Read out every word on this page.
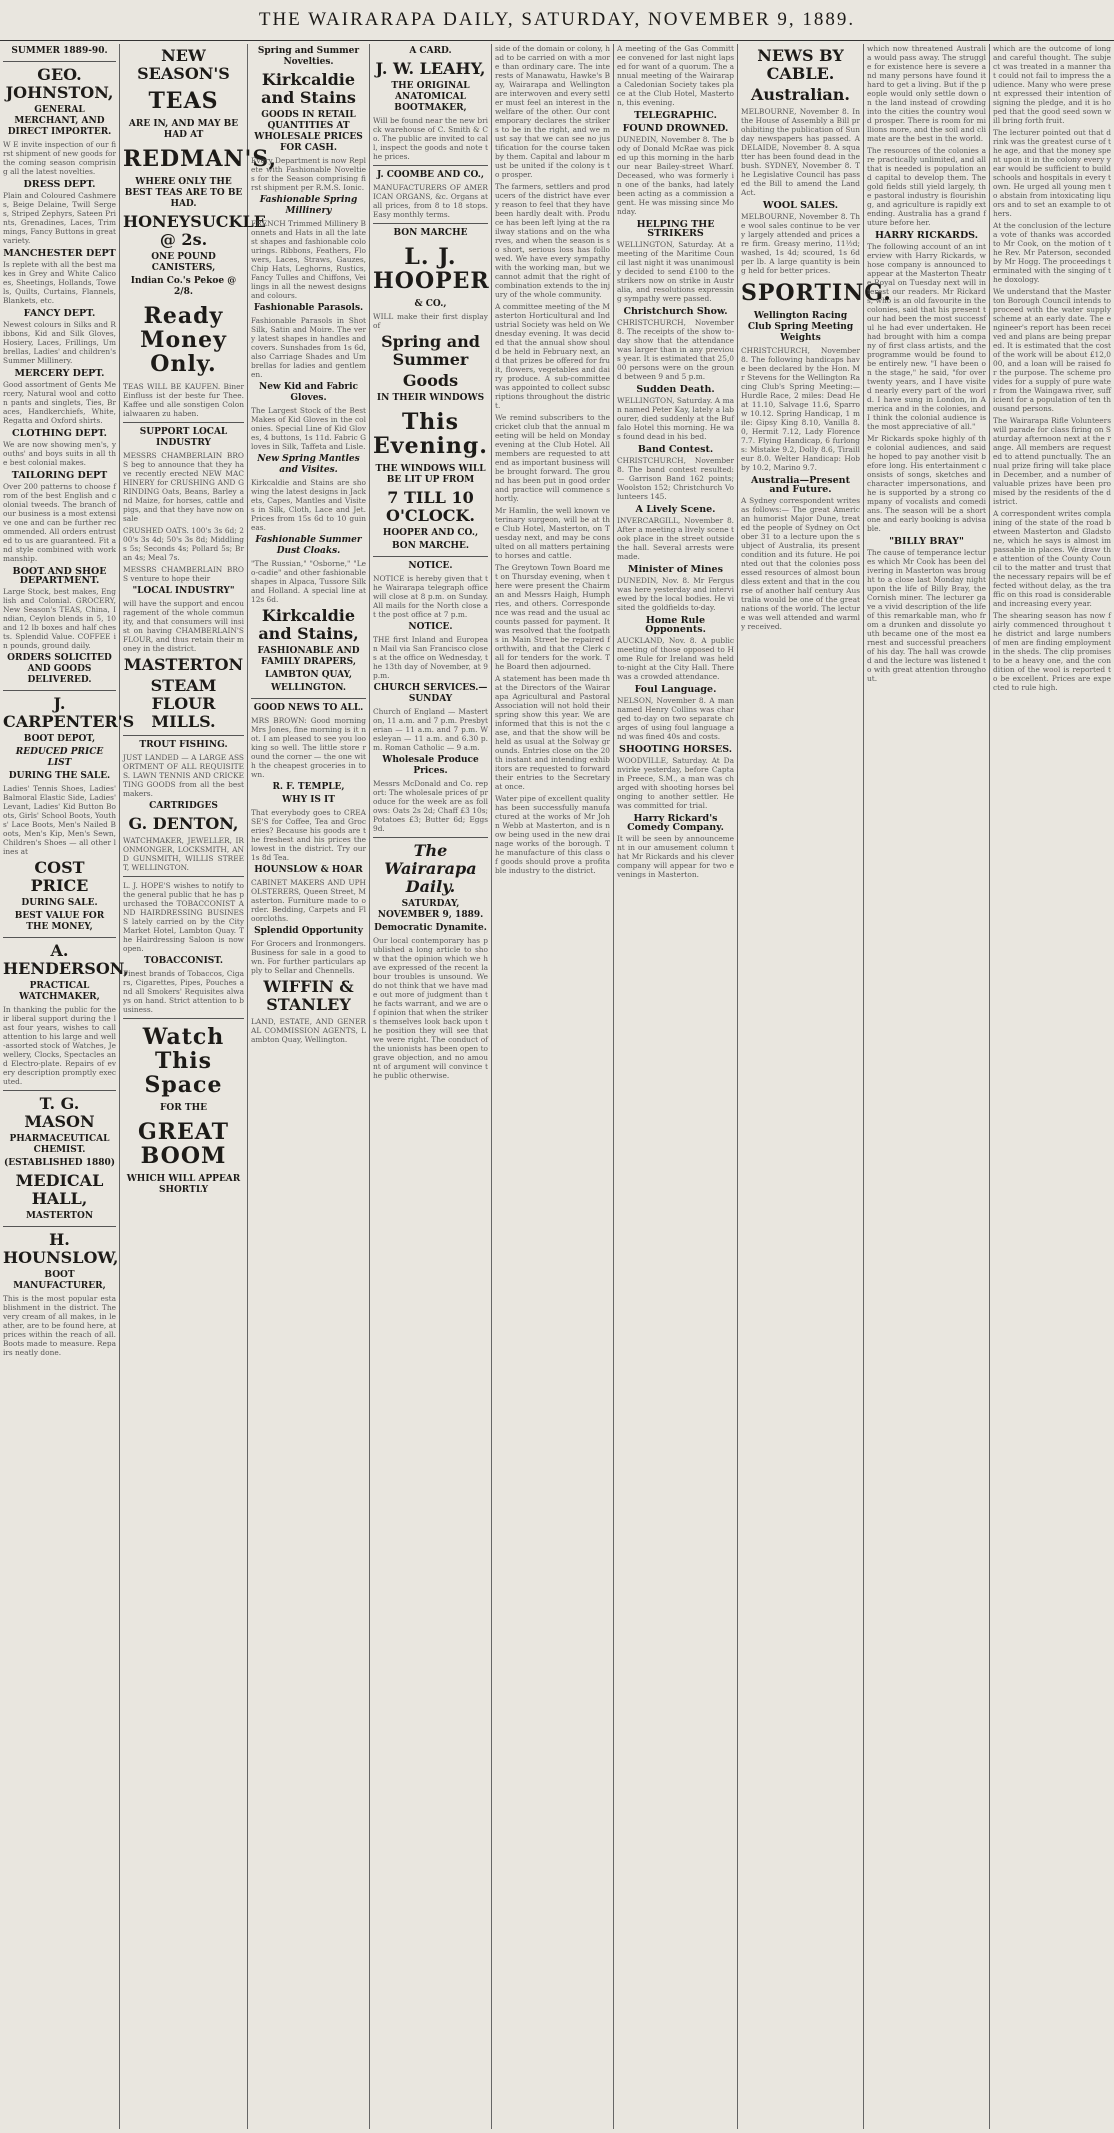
THE WAIRARAPA DAILY, SATURDAY, NOVEMBER 9, 1889.
SUMMER 1889-90.
GEO. JOHNSTON,
GENERAL MERCHANT, AND DIRECT IMPORTER.
W E invite inspection of our first shipment of new goods for the coming season comprising all the latest novelties.
DRESS DEPT.
Plain and Coloured Cashmeres, Beige Delaine, Twill Serges, Striped Zephyrs, Sateen Prints, Grenadines, Laces, Trimmings, Fancy Buttons in great variety.
MANCHESTER DEPT
Is replete with all the best makes in Grey and White Calicoes, Sheetings, Hollands, Towels, Quilts, Curtains, Flannels, Blankets, etc.
FANCY DEPT.
Newest colours in Silks and Ribbons, Kid and Silk Gloves, Hosiery, Laces, Frillings, Umbrellas, Ladies' and children's Summer Millinery.
MERCERY DEPT.
Good assortment of Gents Mercery, Natural wool and cotton pants and singlets, Ties, Braces, Handkerchiefs, White, Regatta and Oxford shirts.
CLOTHING DEPT.
We are now showing men's, youths' and boys suits in all the best colonial makes.
TAILORING DEPT
Over 200 patterns to choose from of the best English and colonial tweeds. The branch of our business is a most extensive one and can be further recommended. All orders entrusted to us are guaranteed. Fit and style combined with workmanship.
BOOT AND SHOE DEPARTMENT.
Large Stock, best makes, English and Colonial. GROCERY, New Season's TEAS, China, Indian, Ceylon blends in 5, 10 and 12 lb boxes and half chests. Splendid Value. COFFEE in pounds, ground daily.
ORDERS SOLICITED AND GOODS DELIVERED.
J. CARPENTER'S
BOOT DEPOT,
REDUCED PRICE LIST
DURING THE SALE.
Ladies' Tennis Shoes, Ladies' Balmoral Elastic Side, Ladies' Levant, Ladies' Kid Button Boots, Girls' School Boots, Youths' Lace Boots, Men's Nailed Boots, Men's Kip, Men's Sewn, Children's Shoes — all other lines at
COST PRICE
DURING SALE.
BEST VALUE FOR THE MONEY,
A. HENDERSON,
PRACTICAL WATCHMAKER,
In thanking the public for their liberal support during the last four years, wishes to call attention to his large and well-assorted stock of Watches, Jewellery, Clocks, Spectacles and Electro-plate. Repairs of every description promptly executed.
T. G. MASON
PHARMACEUTICAL CHEMIST.
(ESTABLISHED 1880)
MEDICAL HALL,
MASTERTON
H. HOUNSLOW,
BOOT MANUFACTURER,
This is the most popular establishment in the district. The very cream of all makes, in leather, are to be found here, at prices within the reach of all. Boots made to measure. Repairs neatly done.
NEW SEASON'S
TEAS
ARE IN, AND MAY BE HAD AT
REDMAN'S,
WHERE ONLY THE BEST TEAS ARE TO BE HAD.
HONEYSUCKLE @ 2s.
ONE POUND CANISTERS,
Indian Co.'s Pekoe @ 2/8.
Ready Money Only.
TEAS WILL BE KAUFEN. Biner Einfluss ist der beste fur Thee. Kaffee und alle sonstigen Colonialwaaren zu haben.
SUPPORT LOCAL INDUSTRY
MESSRS CHAMBERLAIN BROS beg to announce that they have recently erected NEW MACHINERY for CRUSHING AND GRINDING Oats, Beans, Barley and Maize, for horses, cattle and pigs, and that they have now on sale
CRUSHED OATS. 100's 3s 6d; 200's 3s 4d; 50's 3s 8d; Middlings 5s; Seconds 4s; Pollard 5s; Bran 4s; Meal 7s.
MESSRS CHAMBERLAIN BROS venture to hope their
"LOCAL INDUSTRY"
will have the support and encouragement of the whole community, and that consumers will insist on having CHAMBERLAIN'S FLOUR, and thus retain their money in the district.
MASTERTON
STEAM FLOUR MILLS.
TROUT FISHING.
JUST LANDED — A LARGE ASSORTMENT OF ALL REQUISITES. LAWN TENNIS AND CRICKETING GOODS from all the best makers.
CARTRIDGES
G. DENTON,
WATCHMAKER, JEWELLER, IRONMONGER, LOCKSMITH, AND GUNSMITH, WILLIS STREET, WELLINGTON.
L. J. HOPE'S wishes to notify to the general public that he has purchased the TOBACCONIST AND HAIRDRESSING BUSINESS lately carried on by the City Market Hotel, Lambton Quay. The Hairdressing Saloon is now open.
TOBACCONIST.
Finest brands of Tobaccos, Cigars, Cigarettes, Pipes, Pouches and all Smokers' Requisites always on hand. Strict attention to business.
Watch This Space
FOR THE
GREAT BOOM
WHICH WILL APPEAR SHORTLY
Spring and Summer Novelties.
Kirkcaldie and Stains
GOODS IN RETAIL QUANTITIES AT WHOLESALE PRICES FOR CASH.
Every Department is now Replete with Fashionable Novelties for the Season comprising first shipment per R.M.S. Ionic.
Fashionable Spring Millinery
FRENCH Trimmed Millinery Bonnets and Hats in all the latest shapes and fashionable colourings. Ribbons, Feathers, Flowers, Laces, Straws, Gauzes, Chip Hats, Leghorns, Rustics, Fancy Tulles and Chiffons, Veilings in all the newest designs and colours.
Fashionable Parasols.
Fashionable Parasols in Shot Silk, Satin and Moire. The very latest shapes in handles and covers. Sunshades from 1s 6d, also Carriage Shades and Umbrellas for ladies and gentlemen.
New Kid and Fabric Gloves.
The Largest Stock of the Best Makes of Kid Gloves in the colonies. Special Line of Kid Gloves, 4 buttons, 1s 11d. Fabric Gloves in Silk, Taffeta and Lisle.
New Spring Mantles and Visites.
Kirkcaldie and Stains are showing the latest designs in Jackets, Capes, Mantles and Visites in Silk, Cloth, Lace and Jet. Prices from 15s 6d to 10 guineas.
Fashionable Summer Dust Cloaks.
"The Russian," "Osborne," "Leo-cadie" and other fashionable shapes in Alpaca, Tussore Silk and Holland. A special line at 12s 6d.
Kirkcaldie and Stains,
FASHIONABLE AND FAMILY DRAPERS,
LAMBTON QUAY,
WELLINGTON.
GOOD NEWS TO ALL.
MRS BROWN: Good morning Mrs Jones, fine morning is it not. I am pleased to see you looking so well. The little store round the corner — the one with the cheapest groceries in town.
R. F. TEMPLE,
WHY IS IT
That everybody goes to CREASE'S for Coffee, Tea and Groceries? Because his goods are the freshest and his prices the lowest in the district. Try our 1s 8d Tea.
HOUNSLOW & HOAR
CABINET MAKERS AND UPHOLSTERERS, Queen Street, Masterton. Furniture made to order. Bedding, Carpets and Floorcloths.
Splendid Opportunity
For Grocers and Ironmongers. Business for sale in a good town. For further particulars apply to Sellar and Chennells.
WIFFIN & STANLEY
LAND, ESTATE, AND GENERAL COMMISSION AGENTS, Lambton Quay, Wellington.
A CARD.
J. W. LEAHY,
THE ORIGINAL ANATOMICAL BOOTMAKER,
Will be found near the new brick warehouse of C. Smith & Co. The public are invited to call, inspect the goods and note the prices.
J. COOMBE AND CO.,
MANUFACTURERS OF AMERICAN ORGANS, &c. Organs at all prices, from 8 to 18 stops. Easy monthly terms.
BON MARCHE
L. J. HOOPER
& CO.,
WILL make their first display of
Spring and Summer
Goods
IN THEIR WINDOWS
This Evening.
THE WINDOWS WILL BE LIT UP FROM
7 TILL 10 O'CLOCK.
HOOPER AND CO.,
BON MARCHE.
NOTICE.
NOTICE is hereby given that the Wairarapa telegraph office will close at 8 p.m. on Sunday. All mails for the North close at the post office at 7 p.m.
NOTICE.
THE first Inland and European Mail via San Francisco closes at the office on Wednesday, the 13th day of November, at 9 p.m.
CHURCH SERVICES.—SUNDAY
Church of England — Masterton, 11 a.m. and 7 p.m. Presbyterian — 11 a.m. and 7 p.m. Wesleyan — 11 a.m. and 6.30 p.m. Roman Catholic — 9 a.m.
Wholesale Produce Prices.
Messrs McDonald and Co. report: The wholesale prices of produce for the week are as follows: Oats 2s 2d; Chaff £3 10s; Potatoes £3; Butter 6d; Eggs 9d.
The Wairarapa Daily.
SATURDAY, NOVEMBER 9, 1889.
Democratic Dynamite.
Our local contemporary has published a long article to show that the opinion which we have expressed of the recent labour troubles is unsound. We do not think that we have made out more of judgment than the facts warrant, and we are of opinion that when the strikers themselves look back upon the position they will see that we were right. The conduct of the unionists has been open to grave objection, and no amount of argument will convince the public otherwise.
side of the domain or colony, had to be carried on with a more than ordinary care. The interests of Manawatu, Hawke's Bay, Wairarapa and Wellington are interwoven and every settler must feel an interest in the welfare of the other. Our contemporary declares the strikers to be in the right, and we must say that we can see no justification for the course taken by them. Capital and labour must be united if the colony is to prosper.
The farmers, settlers and producers of the district have every reason to feel that they have been hardly dealt with. Produce has been left lying at the railway stations and on the wharves, and when the season is so short, serious loss has followed. We have every sympathy with the working man, but we cannot admit that the right of combination extends to the injury of the whole community.
A committee meeting of the Masterton Horticultural and Industrial Society was held on Wednesday evening. It was decided that the annual show should be held in February next, and that prizes be offered for fruit, flowers, vegetables and dairy produce. A sub-committee was appointed to collect subscriptions throughout the district.
We remind subscribers to the cricket club that the annual meeting will be held on Monday evening at the Club Hotel. All members are requested to attend as important business will be brought forward. The ground has been put in good order and practice will commence shortly.
Mr Hamlin, the well known veterinary surgeon, will be at the Club Hotel, Masterton, on Tuesday next, and may be consulted on all matters pertaining to horses and cattle.
The Greytown Town Board met on Thursday evening, when there were present the Chairman and Messrs Haigh, Humphries, and others. Correspondence was read and the usual accounts passed for payment. It was resolved that the footpaths in Main Street be repaired forthwith, and that the Clerk call for tenders for the work. The Board then adjourned.
A statement has been made that the Directors of the Wairarapa Agricultural and Pastoral Association will not hold their spring show this year. We are informed that this is not the case, and that the show will be held as usual at the Solway grounds. Entries close on the 20th instant and intending exhibitors are requested to forward their entries to the Secretary at once.
Water pipe of excellent quality has been successfully manufactured at the works of Mr John Webb at Masterton, and is now being used in the new drainage works of the borough. The manufacture of this class of goods should prove a profitable industry to the district.
A meeting of the Gas Committee convened for last night lapsed for want of a quorum. The annual meeting of the Wairarapa Caledonian Society takes place at the Club Hotel, Masterton, this evening.
TELEGRAPHIC.
FOUND DROWNED.
DUNEDIN, November 8. The body of Donald McRae was picked up this morning in the harbour near Bailey-street Wharf. Deceased, who was formerly in one of the banks, had lately been acting as a commission agent. He was missing since Monday.
HELPING THE STRIKERS
WELLINGTON, Saturday. At a meeting of the Maritime Council last night it was unanimously decided to send £100 to the strikers now on strike in Australia, and resolutions expressing sympathy were passed.
Christchurch Show.
CHRISTCHURCH, November 8. The receipts of the show to-day show that the attendance was larger than in any previous year. It is estimated that 25,000 persons were on the ground between 9 and 5 p.m.
Sudden Death.
WELLINGTON, Saturday. A man named Peter Kay, lately a labourer, died suddenly at the Buffalo Hotel this morning. He was found dead in his bed.
Band Contest.
CHRISTCHURCH, November 8. The band contest resulted:— Garrison Band 162 points; Woolston 152; Christchurch Volunteers 145.
A Lively Scene.
INVERCARGILL, November 8. After a meeting a lively scene took place in the street outside the hall. Several arrests were made.
Minister of Mines
DUNEDIN, Nov. 8. Mr Fergus was here yesterday and interviewed by the local bodies. He visited the goldfields to-day.
Home Rule Opponents.
AUCKLAND, Nov. 8. A public meeting of those opposed to Home Rule for Ireland was held to-night at the City Hall. There was a crowded attendance.
Foul Language.
NELSON, November 8. A man named Henry Collins was charged to-day on two separate charges of using foul language and was fined 40s and costs.
SHOOTING HORSES.
WOODVILLE, Saturday. At Danvirke yesterday, before Captain Preece, S.M., a man was charged with shooting horses belonging to another settler. He was committed for trial.
Harry Rickard's Comedy Company.
It will be seen by announcement in our amusement column that Mr Rickards and his clever company will appear for two evenings in Masterton.
NEWS BY CABLE.
Australian.
MELBOURNE, November 8. In the House of Assembly a Bill prohibiting the publication of Sunday newspapers has passed. ADELAIDE, November 8. A squatter has been found dead in the bush. SYDNEY, November 8. The Legislative Council has passed the Bill to amend the Land Act.
WOOL SALES.
MELBOURNE, November 8. The wool sales continue to be very largely attended and prices are firm. Greasy merino, 11½d; washed, 1s 4d; scoured, 1s 6d per lb. A large quantity is being held for better prices.
SPORTING.
Wellington Racing Club Spring Meeting Weights
CHRISTCHURCH, November 8. The following handicaps have been declared by the Hon. Mr Stevens for the Wellington Racing Club's Spring Meeting:— Hurdle Race, 2 miles: Dead Heat 11.10, Salvage 11.6, Sparrow 10.12. Spring Handicap, 1 mile: Gipsy King 8.10, Vanilla 8.0, Hermit 7.12, Lady Florence 7.7. Flying Handicap, 6 furlongs: Mistake 9.2, Dolly 8.6, Tirailleur 8.0. Welter Handicap: Hobby 10.2, Marino 9.7.
Australia—Present and Future.
A Sydney correspondent writes as follows:— The great American humorist Major Dune, treated the people of Sydney on October 31 to a lecture upon the subject of Australia, its present condition and its future. He pointed out that the colonies possessed resources of almost boundless extent and that in the course of another half century Australia would be one of the great nations of the world. The lecture was well attended and warmly received.
which now threatened Australia would pass away. The struggle for existence here is severe and many persons have found it hard to get a living. But if the people would only settle down on the land instead of crowding into the cities the country would prosper. There is room for millions more, and the soil and climate are the best in the world.
The resources of the colonies are practically unlimited, and all that is needed is population and capital to develop them. The gold fields still yield largely, the pastoral industry is flourishing, and agriculture is rapidly extending. Australia has a grand future before her.
HARRY RICKARDS.
The following account of an interview with Harry Rickards, whose company is announced to appear at the Masterton Theatre Royal on Tuesday next will interest our readers. Mr Rickards, who is an old favourite in the colonies, said that his present tour had been the most successful he had ever undertaken. He had brought with him a company of first class artists, and the programme would be found to be entirely new. "I have been on the stage," he said, "for over twenty years, and I have visited nearly every part of the world. I have sung in London, in America and in the colonies, and I think the colonial audience is the most appreciative of all."
Mr Rickards spoke highly of the colonial audiences, and said he hoped to pay another visit before long. His entertainment consists of songs, sketches and character impersonations, and he is supported by a strong company of vocalists and comedians. The season will be a short one and early booking is advisable.
"BILLY BRAY"
The cause of temperance lectures which Mr Cook has been delivering in Masterton was brought to a close last Monday night upon the life of Billy Bray, the Cornish miner. The lecturer gave a vivid description of the life of this remarkable man, who from a drunken and dissolute youth became one of the most earnest and successful preachers of his day. The hall was crowded and the lecture was listened to with great attention throughout.
which are the outcome of long and careful thought. The subject was treated in a manner that could not fail to impress the audience. Many who were present expressed their intention of signing the pledge, and it is hoped that the good seed sown will bring forth fruit.
The lecturer pointed out that drink was the greatest curse of the age, and that the money spent upon it in the colony every year would be sufficient to build schools and hospitals in every town. He urged all young men to abstain from intoxicating liquors and to set an example to others.
At the conclusion of the lecture a vote of thanks was accorded to Mr Cook, on the motion of the Rev. Mr Paterson, seconded by Mr Hogg. The proceedings terminated with the singing of the doxology.
We understand that the Masterton Borough Council intends to proceed with the water supply scheme at an early date. The engineer's report has been received and plans are being prepared. It is estimated that the cost of the work will be about £12,000, and a loan will be raised for the purpose. The scheme provides for a supply of pure water from the Waingawa river, sufficient for a population of ten thousand persons.
The Wairarapa Rifle Volunteers will parade for class firing on Saturday afternoon next at the range. All members are requested to attend punctually. The annual prize firing will take place in December, and a number of valuable prizes have been promised by the residents of the district.
A correspondent writes complaining of the state of the road between Masterton and Gladstone, which he says is almost impassable in places. We draw the attention of the County Council to the matter and trust that the necessary repairs will be effected without delay, as the traffic on this road is considerable and increasing every year.
The shearing season has now fairly commenced throughout the district and large numbers of men are finding employment in the sheds. The clip promises to be a heavy one, and the condition of the wool is reported to be excellent. Prices are expected to rule high.
